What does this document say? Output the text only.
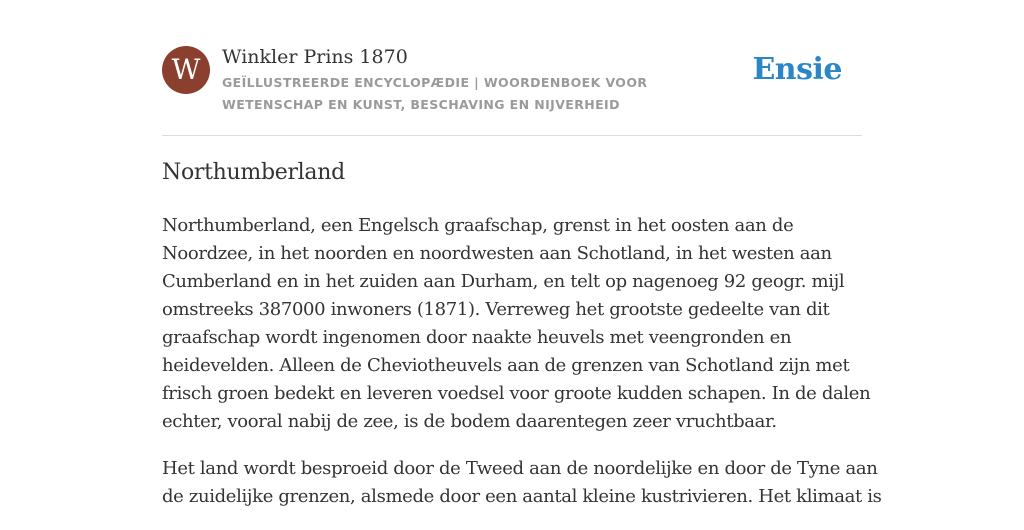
W	Winkler Prins 1870
GEÏLLUSTREERDE ENCYCLOPÆDIE | WOORDENBOEK VOOR WETENSCHAP EN KUNST, BESCHAVING EN NIJVERHEID
Ensie
Northumberland

Northumberland, een Engelsch graafschap, grenst in het oosten aan de Noordzee, in het noorden en noordwesten aan Schotland, in het westen aan Cumberland en in het zuiden aan Durham, en telt op nagenoeg 92 geogr. mijl omstreeks 387000 inwoners (1871). Verreweg het grootste gedeelte van dit graafschap wordt ingenomen door naakte heuvels met veengronden en heidevelden. Alleen de Cheviotheuvels aan de grenzen van Schotland zijn met frisch groen bedekt en leveren voedsel voor groote kudden schapen. In de dalen echter, vooral nabij de zee, is de bodem daarentegen zeer vruchtbaar.

Het land wordt besproeid door de Tweed aan de noordelijke en door de Tyne aan de zuidelijke grenzen, alsmede door een aantal kleine kustrivieren. Het klimaat is
